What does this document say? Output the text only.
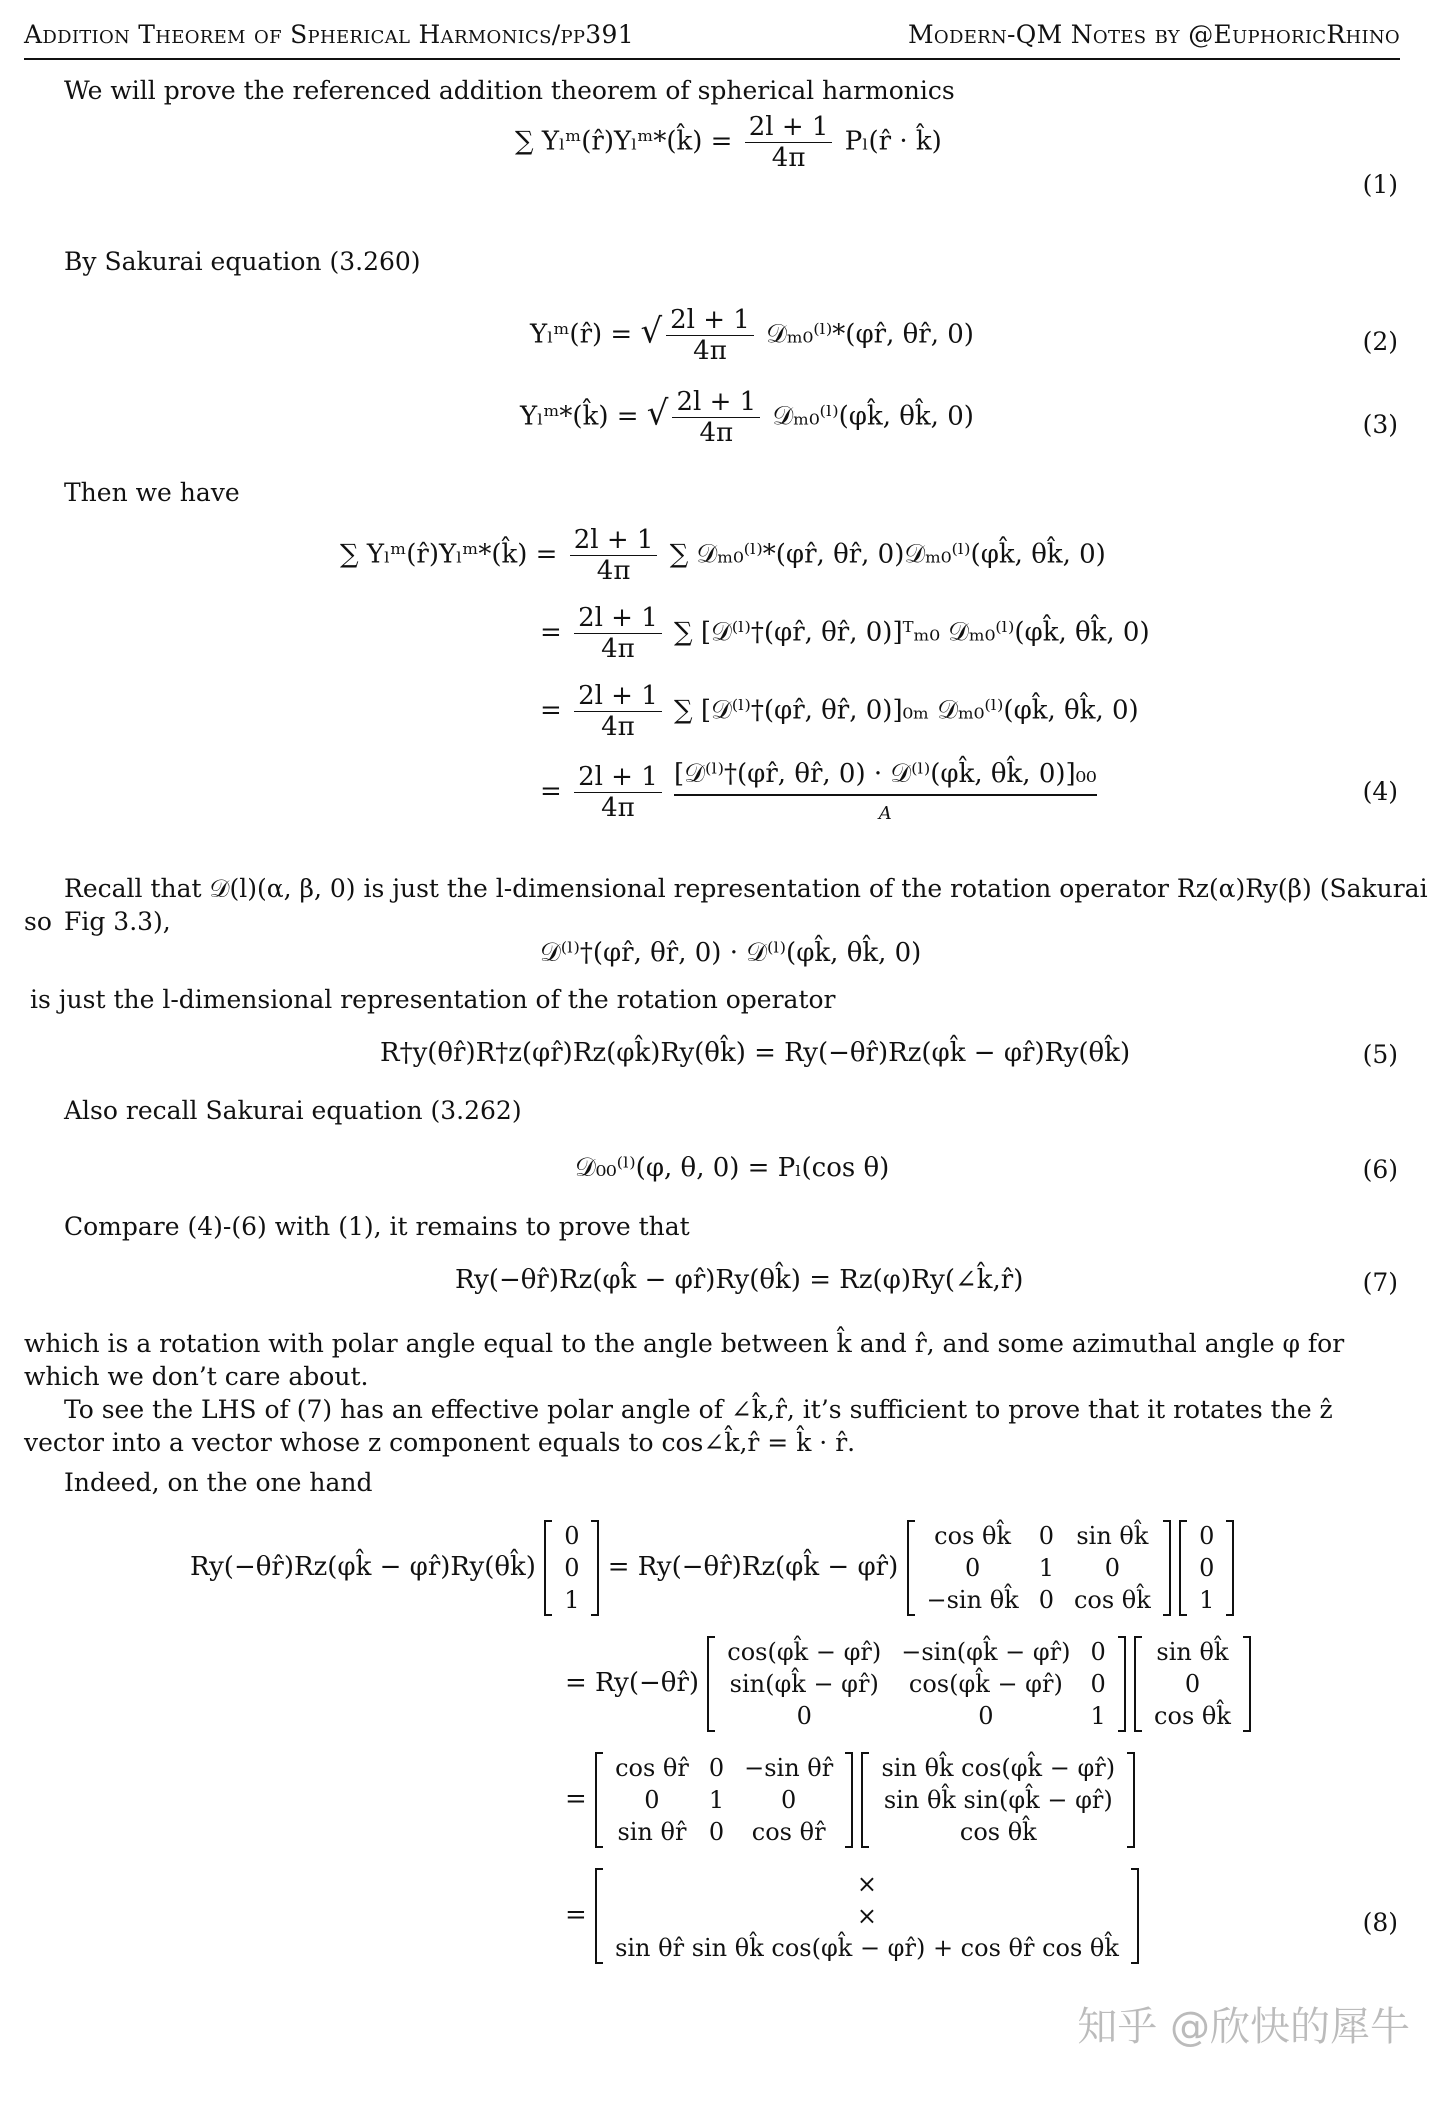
Addition Theorem of Spherical Harmonics/pp391	Modern-QM Notes by @EuphoricRhino
We will prove the referenced addition theorem of spherical harmonics
∑ Yₗᵐ(r̂)Yₗᵐ*(k̂) = $\frac{2l + 1}{4\pi}$ Pₗ(r̂ · k̂)
(1)
By Sakurai equation (3.260)
Yₗᵐ(r̂) = √ $\frac{2l + 1}{4\pi}$ 𝒟ₘ₀⁽ˡ⁾*(φr̂, θr̂, 0)	(2)
Yₗᵐ*(k̂) = √ $\frac{2l + 1}{4\pi}$ 𝒟ₘ₀⁽ˡ⁾(φk̂, θk̂, 0)	(3)
Then we have
∑ Yₗᵐ(r̂)Yₗᵐ*(k̂) = $\frac{2l + 1}{4\pi}$ ∑ 𝒟ₘ₀⁽ˡ⁾*(φr̂, θr̂, 0)𝒟ₘ₀⁽ˡ⁾(φk̂, θk̂, 0)
= $\frac{2l + 1}{4\pi}$ ∑ [𝒟⁽ˡ⁾†(φr̂, θr̂, 0)]ᵀₘ₀ 𝒟ₘ₀⁽ˡ⁾(φk̂, θk̂, 0)
= $\frac{2l + 1}{4\pi}$ ∑ [𝒟⁽ˡ⁾†(φr̂, θr̂, 0)]₀ₘ 𝒟ₘ₀⁽ˡ⁾(φk̂, θk̂, 0)
= $\frac{2l + 1}{4\pi}$
[𝒟⁽ˡ⁾†(φr̂, θr̂, 0) · 𝒟⁽ˡ⁾(φk̂, θk̂, 0)]₀₀
A
(4)
Recall that 𝒟(l)(α, β, 0) is just the l-dimensional representation of the rotation operator Rz(α)Ry(β) (Sakurai Fig 3.3),
so
𝒟⁽ˡ⁾†(φr̂, θr̂, 0) · 𝒟⁽ˡ⁾(φk̂, θk̂, 0)
is just the l-dimensional representation of the rotation operator
R†y(θr̂)R†z(φr̂)Rz(φk̂)Ry(θk̂) = Ry(−θr̂)Rz(φk̂ − φr̂)Ry(θk̂)	(5)
Also recall Sakurai equation (3.262)
𝒟₀₀⁽ˡ⁾(φ, θ, 0) = Pₗ(cos θ)	(6)
Compare (4)-(6) with (1), it remains to prove that
Ry(−θr̂)Rz(φk̂ − φr̂)Ry(θk̂) = Rz(φ)Ry(∠k̂,r̂)	(7)
which is a rotation with polar angle equal to the angle between k̂ and r̂, and some azimuthal angle φ for which we don’t care about.
To see the LHS of (7) has an effective polar angle of ∠k̂,r̂, it’s sufficient to prove that it rotates the ẑ vector into a vector whose z component equals to cos∠k̂,r̂ = k̂ · r̂.
Indeed, on the one hand
Ry(−θr̂)Rz(φk̂ − φr̂)Ry(θk̂)
0
0
1
= Ry(−θr̂)Rz(φk̂ − φr̂)
cos θk̂	0	sin θk̂
0	1	0
−sin θk̂	0	cos θk̂

0
0
1
= Ry(−θr̂)
cos(φk̂ − φr̂)	−sin(φk̂ − φr̂)	0
sin(φk̂ − φr̂)	cos(φk̂ − φr̂)	0
0	0	1

sin θk̂
0
cos θk̂
=
cos θr̂	0	−sin θr̂
0	1	0
sin θr̂	0	cos θr̂

sin θk̂ cos(φk̂ − φr̂)
sin θk̂ sin(φk̂ − φr̂)
cos θk̂
=
×
×
sin θr̂ sin θk̂ cos(φk̂ − φr̂) + cos θr̂ cos θk̂
(8)
知乎 @欣快的犀牛
